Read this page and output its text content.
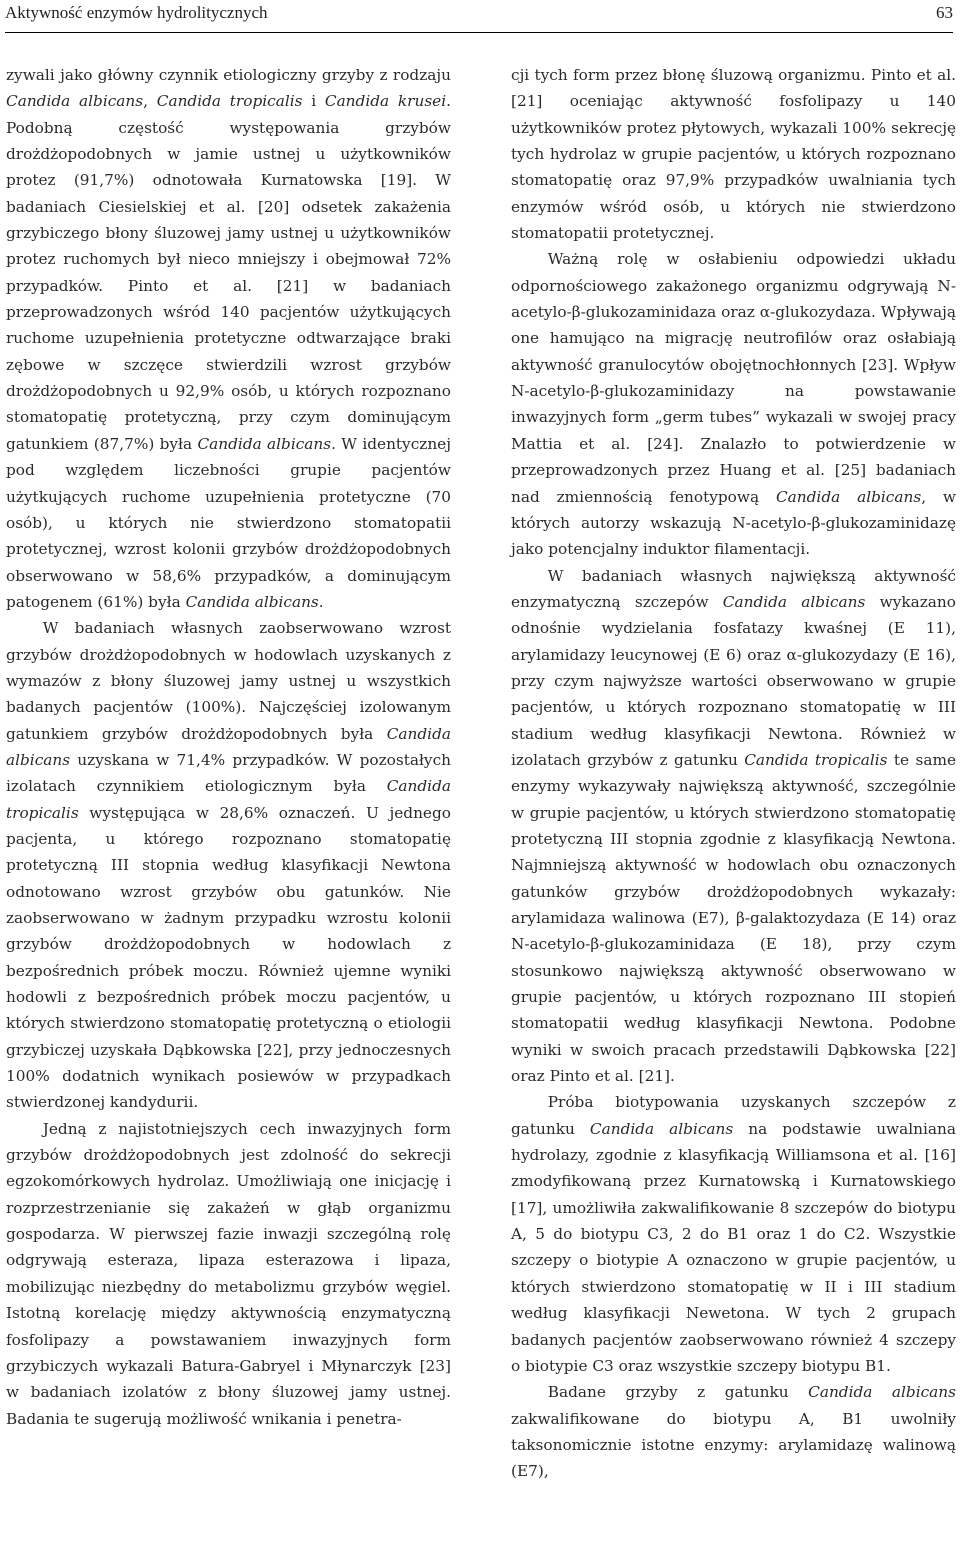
Aktywność enzymów hydrolitycznych	63

zywali jako główny czynnik etiologiczny grzyby z rodzaju Candida albicans, Candida tropicalis i Candida krusei. Podobną częstość występowania grzybów drożdżopodobnych w jamie ustnej u użytkowników protez (91,7%) odnotowała Kurnatowska [19]. W badaniach Ciesielskiej et al. [20] odsetek zakażenia grzybiczego błony śluzowej jamy ustnej u użytkowników protez ruchomych był nieco mniejszy i obejmował 72% przypadków. Pinto et al. [21] w badaniach przeprowadzonych wśród 140 pacjentów użytkujących ruchome uzupełnienia protetyczne odtwarzające braki zębowe w szczęce stwierdzili wzrost grzybów drożdżopodobnych u 92,9% osób, u których rozpoznano stomatopatię protetyczną, przy czym dominującym gatunkiem (87,7%) była Candida albicans. W identycznej pod względem liczebności grupie pacjentów użytkujących ruchome uzupełnienia protetyczne (70 osób), u których nie stwierdzono stomatopatii protetycznej, wzrost kolonii grzybów drożdżopodobnych obserwowano w 58,6% przypadków, a dominującym patogenem (61%) była Candida albicans.

W badaniach własnych zaobserwowano wzrost grzybów drożdżopodobnych w hodowlach uzyskanych z wymazów z błony śluzowej jamy ustnej u wszystkich badanych pacjentów (100%). Najczęściej izolowanym gatunkiem grzybów drożdżopodobnych była Candida albicans uzyskana w 71,4% przypadków. W pozostałych izolatach czynnikiem etiologicznym była Candida tropicalis występująca w 28,6% oznaczeń. U jednego pacjenta, u którego rozpoznano stomatopatię protetyczną III stopnia według klasyfikacji Newtona odnotowano wzrost grzybów obu gatunków. Nie zaobserwowano w żadnym przypadku wzrostu kolonii grzybów drożdżopodobnych w hodowlach z bezpośrednich próbek moczu. Również ujemne wyniki hodowli z bezpośrednich próbek moczu pacjentów, u których stwierdzono stomatopatię protetyczną o etiologii grzybiczej uzyskała Dąbkowska [22], przy jednoczesnych 100% dodatnich wynikach posiewów w przypadkach stwierdzonej kandydurii.

Jedną z najistotniejszych cech inwazyjnych form grzybów drożdżopodobnych jest zdolność do sekrecji egzokomórkowych hydrolaz. Umożliwiają one inicjację i rozprzestrzenianie się zakażeń w głąb organizmu gospodarza. W pierwszej fazie inwazji szczególną rolę odgrywają esteraza, lipaza esterazowa i lipaza, mobilizując niezbędny do metabolizmu grzybów węgiel. Istotną korelację między aktywnością enzymatyczną fosfolipazy a powstawaniem inwazyjnych form grzybiczych wykazali Batura-Gabryel i Młynarczyk [23] w badaniach izolatów z błony śluzowej jamy ustnej. Badania te sugerują możliwość wnikania i penetra-

cji tych form przez błonę śluzową organizmu. Pinto et al. [21] oceniając aktywność fosfolipazy u 140 użytkowników protez płytowych, wykazali 100% sekrecję tych hydrolaz w grupie pacjentów, u których rozpoznano stomatopatię oraz 97,9% przypadków uwalniania tych enzymów wśród osób, u których nie stwierdzono stomatopatii protetycznej.

Ważną rolę w osłabieniu odpowiedzi układu odpornościowego zakażonego organizmu odgrywają N-acetylo-β-glukozaminidaza oraz α-glukozydaza. Wpływają one hamująco na migrację neutrofilów oraz osłabiają aktywność granulocytów obojętnochłonnych [23]. Wpływ N-acetylo-β-glukozaminidazy na powstawanie inwazyjnych form „germ tubes” wykazali w swojej pracy Mattia et al. [24]. Znalazło to potwierdzenie w przeprowadzonych przez Huang et al. [25] badaniach nad zmiennością fenotypową Candida albicans, w których autorzy wskazują N-acetylo-β-glukozaminidazę jako potencjalny induktor filamentacji.

W badaniach własnych największą aktywność enzymatyczną szczepów Candida albicans wykazano odnośnie wydzielania fosfatazy kwaśnej (E 11), arylamidazy leucynowej (E 6) oraz α-glukozydazy (E 16), przy czym najwyższe wartości obserwowano w grupie pacjentów, u których rozpoznano stomatopatię w III stadium według klasyfikacji Newtona. Również w izolatach grzybów z gatunku Candida tropicalis te same enzymy wykazywały największą aktywność, szczególnie w grupie pacjentów, u których stwierdzono stomatopatię protetyczną III stopnia zgodnie z klasyfikacją Newtona. Najmniejszą aktywność w hodowlach obu oznaczonych gatunków grzybów drożdżopodobnych wykazały: arylamidaza walinowa (E7), β-galaktozydaza (E 14) oraz N-acetylo-β-glukozaminidaza (E 18), przy czym stosunkowo największą aktywność obserwowano w grupie pacjentów, u których rozpoznano III stopień stomatopatii według klasyfikacji Newtona. Podobne wyniki w swoich pracach przedstawili Dąbkowska [22] oraz Pinto et al. [21].

Próba biotypowania uzyskanych szczepów z gatunku Candida albicans na podstawie uwalniana hydrolazy, zgodnie z klasyfikacją Williamsona et al. [16] zmodyfikowaną przez Kurnatowską i Kurnatowskiego [17], umożliwiła zakwalifikowanie 8 szczepów do biotypu A, 5 do biotypu C3, 2 do B1 oraz 1 do C2. Wszystkie szczepy o biotypie A oznaczono w grupie pacjentów, u których stwierdzono stomatopatię w II i III stadium według klasyfikacji Newetona. W tych 2 grupach badanych pacjentów zaobserwowano również 4 szczepy o biotypie C3 oraz wszystkie szczepy biotypu B1.

Badane grzyby z gatunku Candida albicans zakwalifikowane do biotypu A, B1 uwolniły taksonomicznie istotne enzymy: arylamidazę walinową (E7),
